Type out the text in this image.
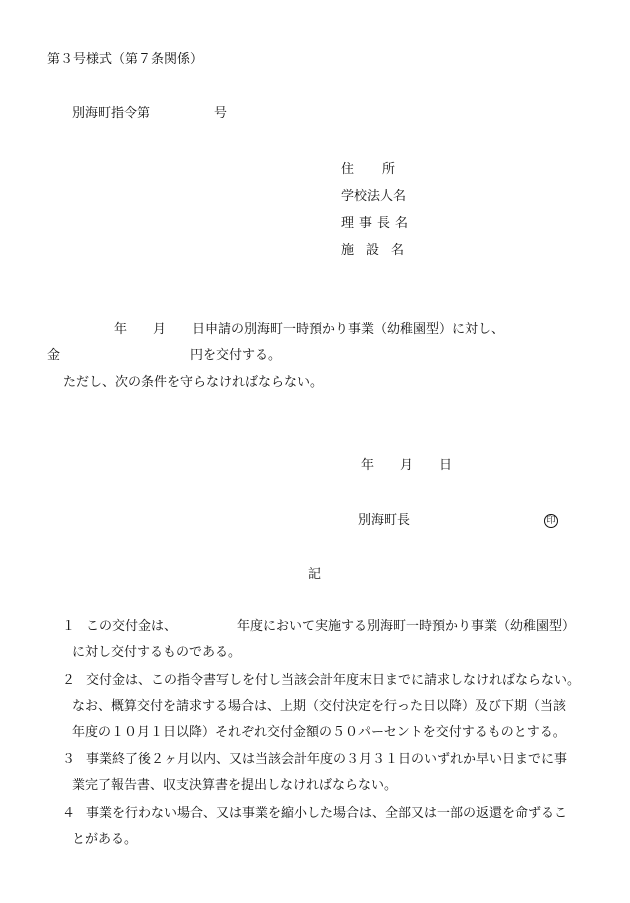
第３号様式（第７条関係）
別海町指令第	号
住所
学校法人名
理事長名
施設名
年 月 日申請の別海町一時預かり事業（幼稚園型）に対し、
金	円を交付する。
ただし、次の条件を守らなければならない。
年 月 日
別海町長	印
記
１ この交付金は、	年度において実施する別海町一時預かり事業（幼稚園型）
に対し交付するものである。
２ 交付金は、この指令書写しを付し当該会計年度末日までに請求しなければならない。
なお、概算交付を請求する場合は、上期（交付決定を行った日以降）及び下期（当該
年度の１０月１日以降）それぞれ交付金額の５０パーセントを交付するものとする。
３ 事業終了後２ヶ月以内、又は当該会計年度の３月３１日のいずれか早い日までに事
業完了報告書、収支決算書を提出しなければならない。
４ 事業を行わない場合、又は事業を縮小した場合は、全部又は一部の返還を命ずるこ
とがある。
